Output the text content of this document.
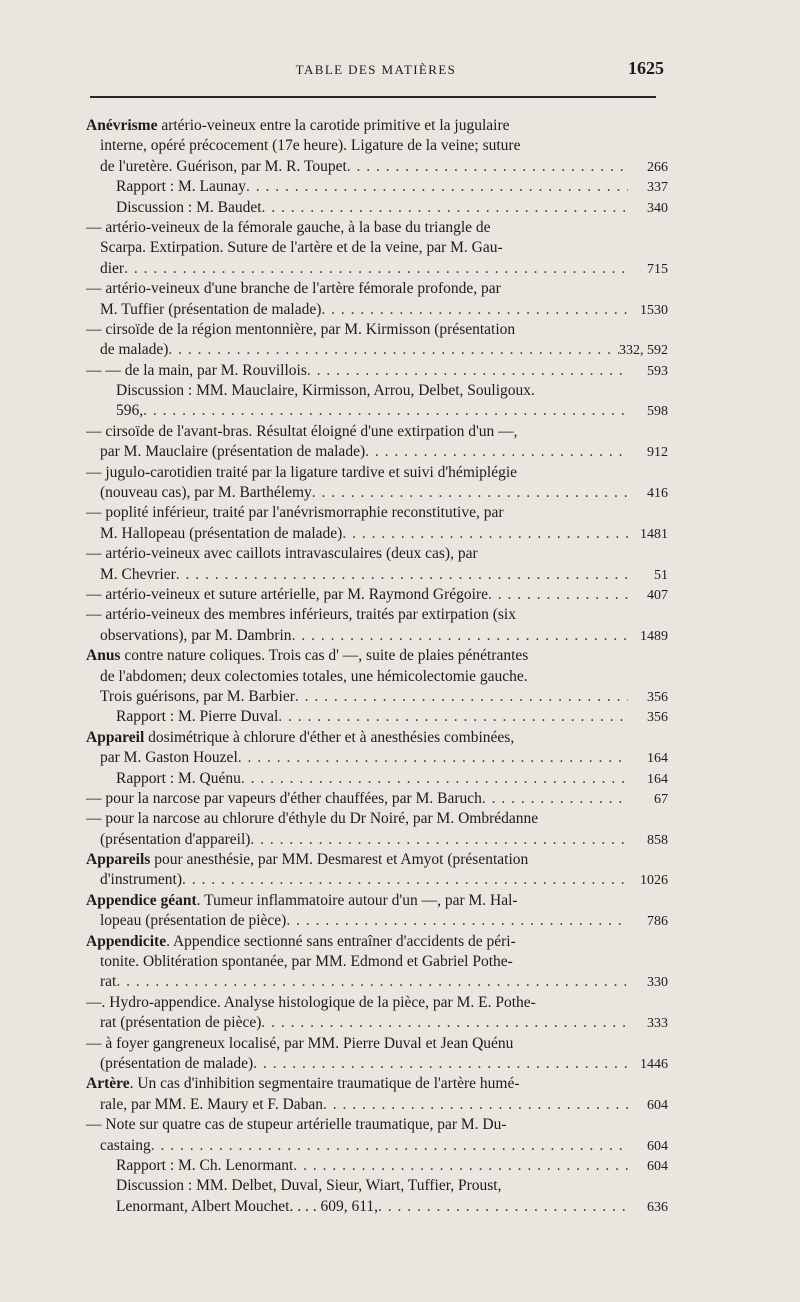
TABLE DES MATIÈRES	1625
Anévrisme artério-veineux entre la carotide primitive et la jugulaire
interne, opéré précocement (17e heure). Ligature de la veine; suture
de l'uretère. Guérison, par M. R. Toupet . . .	266
Rapport : M. Launay . . .	337
Discussion : M. Baudet . . .	340
— artério-veineux de la fémorale gauche, à la base du triangle de
Scarpa. Extirpation. Suture de l'artère et de la veine, par M. Gau-
dier . . .	715
— artério-veineux d'une branche de l'artère fémorale profonde, par
M. Tuffier (présentation de malade) . . .	1530
— cirsoïde de la région mentonnière, par M. Kirmisson (présentation
de malade) . . .	332, 592
— — de la main, par M. Rouvillois . . .	593
Discussion : MM. Mauclaire, Kirmisson, Arrou, Delbet, Souligoux.
596, . . .	598
— cirsoïde de l'avant-bras. Résultat éloigné d'une extirpation d'un —,
par M. Mauclaire (présentation de malade) . . .	912
— jugulo-carotidien traité par la ligature tardive et suivi d'hémiplégie
(nouveau cas), par M. Barthélemy . . .	416
— poplité inférieur, traité par l'anévrismorraphie reconstitutive, par
M. Hallopeau (présentation de malade) . . .	1481
— artério-veineux avec caillots intravasculaires (deux cas), par
M. Chevrier . . .	51
— artério-veineux et suture artérielle, par M. Raymond Grégoire . . .	407
— artério-veineux des membres inférieurs, traités par extirpation (six
observations), par M. Dambrin . . .	1489
Anus contre nature coliques. Trois cas d' —, suite de plaies pénétrantes
de l'abdomen; deux colectomies totales, une hémicolectomie gauche.
Trois guérisons, par M. Barbier . . .	356
Rapport : M. Pierre Duval . . .	356
Appareil dosimétrique à chlorure d'éther et à anesthésies combinées,
par M. Gaston Houzel . . .	164
Rapport : M. Quénu . . .	164
— pour la narcose par vapeurs d'éther chauffées, par M. Baruch . . .	67
— pour la narcose au chlorure d'éthyle du Dr Noiré, par M. Ombrédanne
(présentation d'appareil) . . .	858
Appareils pour anesthésie, par MM. Desmarest et Amyot (présentation
d'instrument) . . .	1026
Appendice géant. Tumeur inflammatoire autour d'un —, par M. Hal-
lopeau (présentation de pièce) . . .	786
Appendicite. Appendice sectionné sans entraîner d'accidents de péri-
tonite. Oblitération spontanée, par MM. Edmond et Gabriel Pothe-
rat . . .	330
—. Hydro-appendice. Analyse histologique de la pièce, par M. E. Pothe-
rat (présentation de pièce) . . .	333
— à foyer gangreneux localisé, par MM. Pierre Duval et Jean Quénu
(présentation de malade) . . .	1446
Artère. Un cas d'inhibition segmentaire traumatique de l'artère humé-
rale, par MM. E. Maury et F. Daban . . .	604
— Note sur quatre cas de stupeur artérielle traumatique, par M. Du-
castaing . . .	604
Rapport : M. Ch. Lenormant . . .	604
Discussion : MM. Delbet, Duval, Sieur, Wiart, Tuffier, Proust,
Lenormant, Albert Mouchet. . . . 609, 611, . . .	636
